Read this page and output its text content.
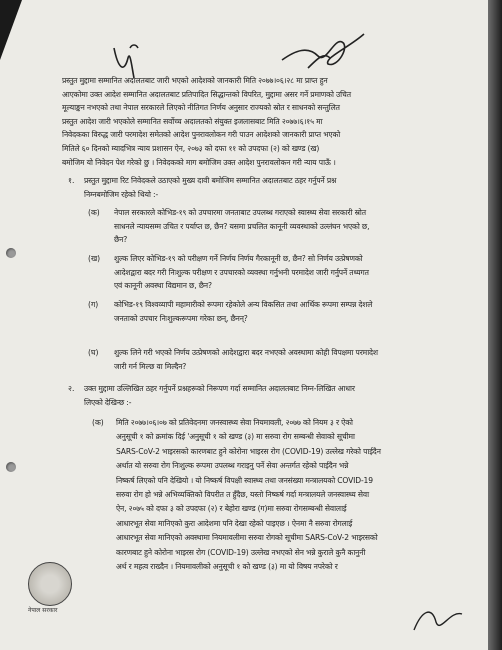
प्रस्तुत मुद्दामा सम्मानित अदालतबाट जारी भएको आदेशको जानकारी मिति २०७७।०६।२८ मा प्राप्त हुन
आएकोमा उक्त आदेश सम्मानित अदालतबाट प्रतिपादित सिद्धान्तको विपरित, मुद्दामा असर गर्ने प्रमाणको उचित
मूल्याङ्कन नभएको तथा नेपाल सरकारले लिएको नीतिगत निर्णय अनुसार राज्यको स्रोत र साधनको सन्तुलित
प्रस्तुत आदेश जारी भएकोले सम्मानित सर्वोच्च अदालतको संयुक्त इजलासबाट मिति २०७७।६।१५ मा
निवेदकका विरुद्ध जारी परमादेश समेतको आदेश पुनरावलोकन गरी पाउन आदेशको जानकारी प्राप्त भएको
मितिले ६० दिनको म्यादभित्र न्याय प्रशासन ऐन, २०७३ को दफा ११ को उपदफा (२) को खण्ड (ख)
बमोजिम यो निवेदन पेश गरेको छु । निवेदकको माग बमोजिम उक्त आदेश पुनरावलोकन गरी न्याय पाऊँ ।
१. प्रस्तुत मुद्दामा रिट निवेदकले उठाएको मुख्य दावी बमोजिम सम्मानित अदालतबाट ठहर गर्नुपर्ने प्रश्न
निम्नबमोजिम रहेको थियो :-
(क) नेपाल सरकारले कोभिड-१९ को उपचारमा जनताबाट उपलब्ध गराएको स्वास्थ्य सेवा सरकारी स्रोत
साधनले न्यायसम्म उचित र पर्याप्त छ, छैन? यसमा प्रचलित कानूनी व्यवस्थाको उल्लंघन भएको छ,
छैन?
(ख) शुल्क लिएर कोभिड-१९ को परीक्षण गर्ने निर्णय निर्णय गैरकानूनी छ, छैन? सो निर्णय उत्प्रेषणको
आदेशद्वारा बदर गरी निःशुल्क परीक्षण र उपचारको व्यवस्था गर्नुभनी परमादेश जारी गर्नुपर्ने तथ्यगत
एवं कानूनी अवस्था विद्यमान छ, छैन?
(ग) कोभिड-१९ विश्वव्यापी महामारीको रूपमा रहेकोले अन्य विकसित तथा आर्थिक रूपमा सम्पन्न देशले
जनताको उपचार निःशुल्करूपमा गरेका छन्, छैनन्?
(घ) शुल्क लिने गरी भएको निर्णय उत्प्रेषणको आदेशद्वारा बदर नभएको अवस्थामा कोही विपक्षमा परमादेश
जारी गर्न मिल्छ वा मिल्दैन?
२. उक्त मुद्दामा उल्लिखित ठहर गर्नुपर्ने प्रश्नहरूको निरूपण गर्दा सम्मानित अदालतबाट निम्न-लिखित आधार
लिएको देखिन्छ :-
(क) मिति २०७७।०६।०७ को प्रतिवेदनमा जनस्वास्थ्य सेवा नियमावली, २०७७ को नियम ३ र ऐको
अनुसूची १ को क्रमांक दिई 'अनुसूची १ को खण्ड (३) मा सरुवा रोग सम्बन्धी सेवाको सूचीमा
SARS-CoV-2 भाइरसको कारणबाट हुने कोरोना भाइरस रोग (COVID-19) उल्लेख गरेको पाईदैन
अर्थात यो सरुवा रोग निःशुल्क रूपमा उपलब्ध गराइनु पर्ने सेवा अन्तर्गत रहेको पाईदैन भन्ने
निष्कर्ष लिएको पनि देखियो । यो निष्कर्ष विपक्षी स्वास्थ्य तथा जनसंख्या मन्त्रालयको COVID-19
सरुवा रोग हो भन्ने अभिव्यक्तिको विपरीत त हुँदैछ, यस्तो निष्कर्ष गर्दा मन्त्रालयले जनस्वास्थ्य सेवा
ऐन, २०७५ को दफा ३ को उपदफा (२) र बेहोरा खण्ड (ग)मा सरुवा रोगसम्बन्धी सेवालाई
आधारभूत सेवा मानिएको कुरा आदेशमा पनि देखा रहेको पाइएछ । ऐनमा नै सरुवा रोगलाई
आधारभूत सेवा मानिएको अवस्थामा नियमावलीमा सरुवा रोगको सूचीमा SARS-CoV-2 भाइरसको
कारणबाट हुने कोरोना भाइरस रोग (COVID-19) उल्लेख नभएको सेन भन्ने कुराले कुनै कानुनी
अर्थ र महत्व राख्दैन । नियमावलीको अनुसूची १ को खण्ड (३) मा यो विषय नपरेको र
नेपाल सरकार
